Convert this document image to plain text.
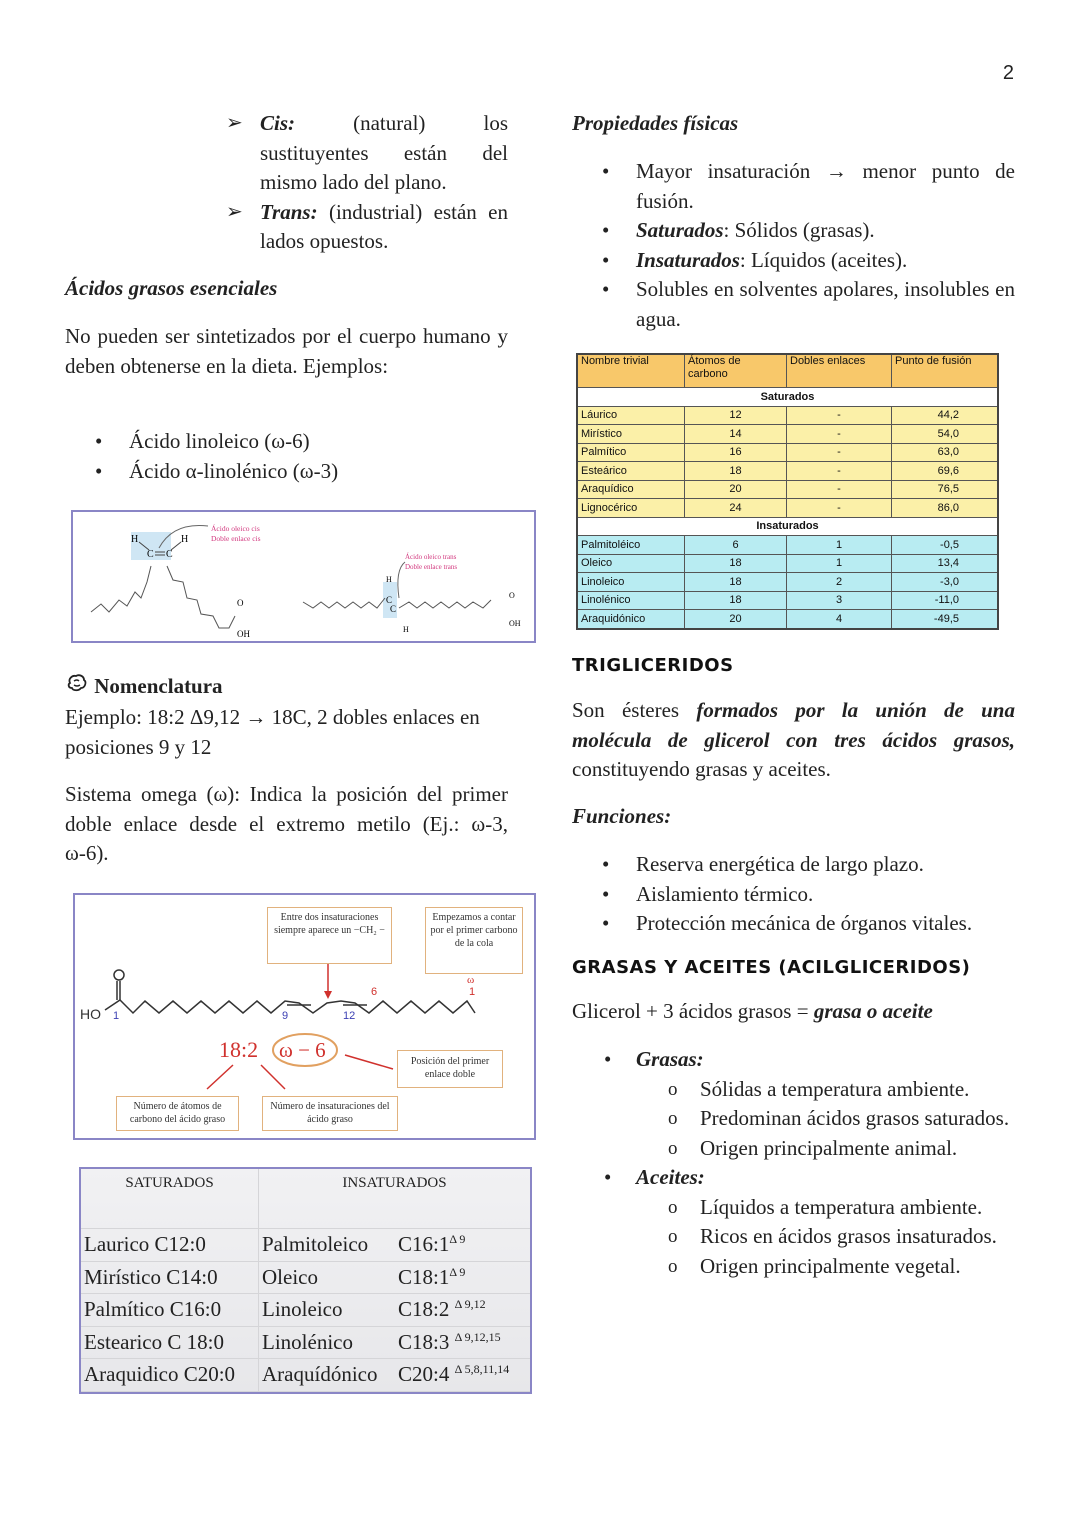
2
➢ Cis: (natural) los sustituyentes están del mismo lado del plano.
➢ Trans: (industrial) están en lados opuestos.
Ácidos grasos esenciales
No pueden ser sintetizados por el cuerpo humano y deben obtenerse en la dieta. Ejemplos:
• Ácido linoleico (ω-6)
• Ácido α-linolénico (ω-3)
C C
H	H
O
OH
Ácido oleico cis
Doble enlace cis
C
C
H
H
O
OH
Ácido oleico trans
Doble enlace trans
Nomenclatura
Ejemplo: 18:2 Δ9,12 → 18C, 2 dobles enlaces en posiciones 9 y 12
Sistema omega (ω): Indica la posición del primer doble enlace desde el extremo metilo (Ej.: ω-3, ω-6).
HO 1	9	12
6
ω
1
18:2 ω − 6
Entre dos insaturaciones siempre aparece un −CH₂ −
Empezamos a contar por el primer carbono de la cola
Posición del primer enlace doble
Número de átomos de carbono del ácido graso
Número de insaturaciones del ácido graso
SATURADOS	INSATURADOS	
Laurico C12:0	Palmitoleico	$C16:1^{\Delta 9}$
Mirístico C14:0	Oleico	$C18:1^{\Delta 9}$
Palmítico C16:0	Linoleico	C18:2 $^{\Delta 9,12}$
Estearico C 18:0	Linolénico	C18:3 $^{\Delta 9,12,15}$
Araquidico C20:0	Araquídónico	C20:4 $^{\Delta 5,8,11,14}$
Propiedades físicas
• Mayor insaturación → menor punto de fusión.
• Saturados: Sólidos (grasas).
• Insaturados: Líquidos (aceites).
• Solubles en solventes apolares, insolubles en agua.
Nombre trivial	Átomos de carbono	Dobles enlaces	Punto de fusión
Saturados			
Láurico	12	-	44,2
Mirístico	14	-	54,0
Palmítico	16	-	63,0
Esteárico	18	-	69,6
Araquídico	20	-	76,5
Lignocérico	24	-	86,0
Insaturados			
Palmitoléico	6	1	-0,5
Oleico	18	1	13,4
Linoleico	18	2	-3,0
Linolénico	18	3	-11,0
Araquidónico	20	4	-49,5
TRIGLICERIDOS
Son ésteres formados por la unión de una molécula de glicerol con tres ácidos grasos, constituyendo grasas y aceites.
Funciones:
• Reserva energética de largo plazo.
• Aislamiento térmico.
• Protección mecánica de órganos vitales.
GRASAS Y ACEITES (ACILGLICERIDOS)
Glicerol + 3 ácidos grasos = grasa o aceite
• Grasas:
o Sólidas a temperatura ambiente.
o Predominan ácidos grasos saturados.
o Origen principalmente animal.
• Aceites:
o Líquidos a temperatura ambiente.
o Ricos en ácidos grasos insaturados.
o Origen principalmente vegetal.
